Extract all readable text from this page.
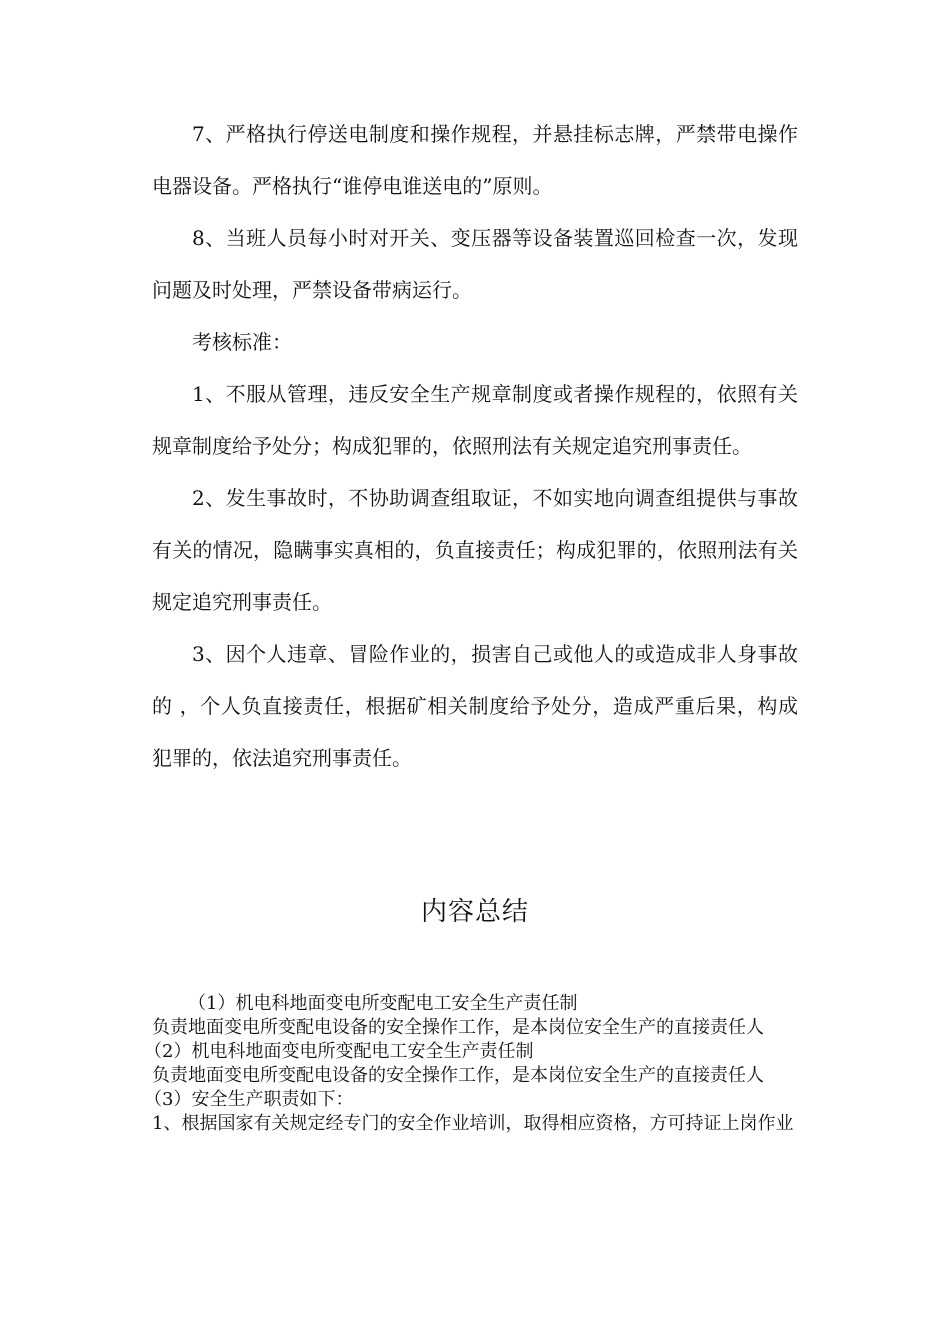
7、严格执行停送电制度和操作规程，并悬挂标志牌，严禁带电操作电器设备。严格执行“谁停电谁送电的”原则。

8、当班人员每小时对开关、变压器等设备装置巡回检查一次，发现问题及时处理，严禁设备带病运行。

考核标准：

1、不服从管理，违反安全生产规章制度或者操作规程的，依照有关规章制度给予处分；构成犯罪的，依照刑法有关规定追究刑事责任。

2、发生事故时，不协助调查组取证，不如实地向调查组提供与事故有关的情况，隐瞒事实真相的，负直接责任；构成犯罪的，依照刑法有关规定追究刑事责任。

3、因个人违章、冒险作业的，损害自己或他人的或造成非人身事故的 ，个人负直接责任，根据矿相关制度给予处分，造成严重后果，构成犯罪的，依法追究刑事责任。

内容总结

（1）机电科地面变电所变配电工安全生产责任制

负责地面变电所变配电设备的安全操作工作，是本岗位安全生产的直接责任人

（2）机电科地面变电所变配电工安全生产责任制

负责地面变电所变配电设备的安全操作工作，是本岗位安全生产的直接责任人

（3）安全生产职责如下：

1、根据国家有关规定经专门的安全作业培训，取得相应资格，方可持证上岗作业
